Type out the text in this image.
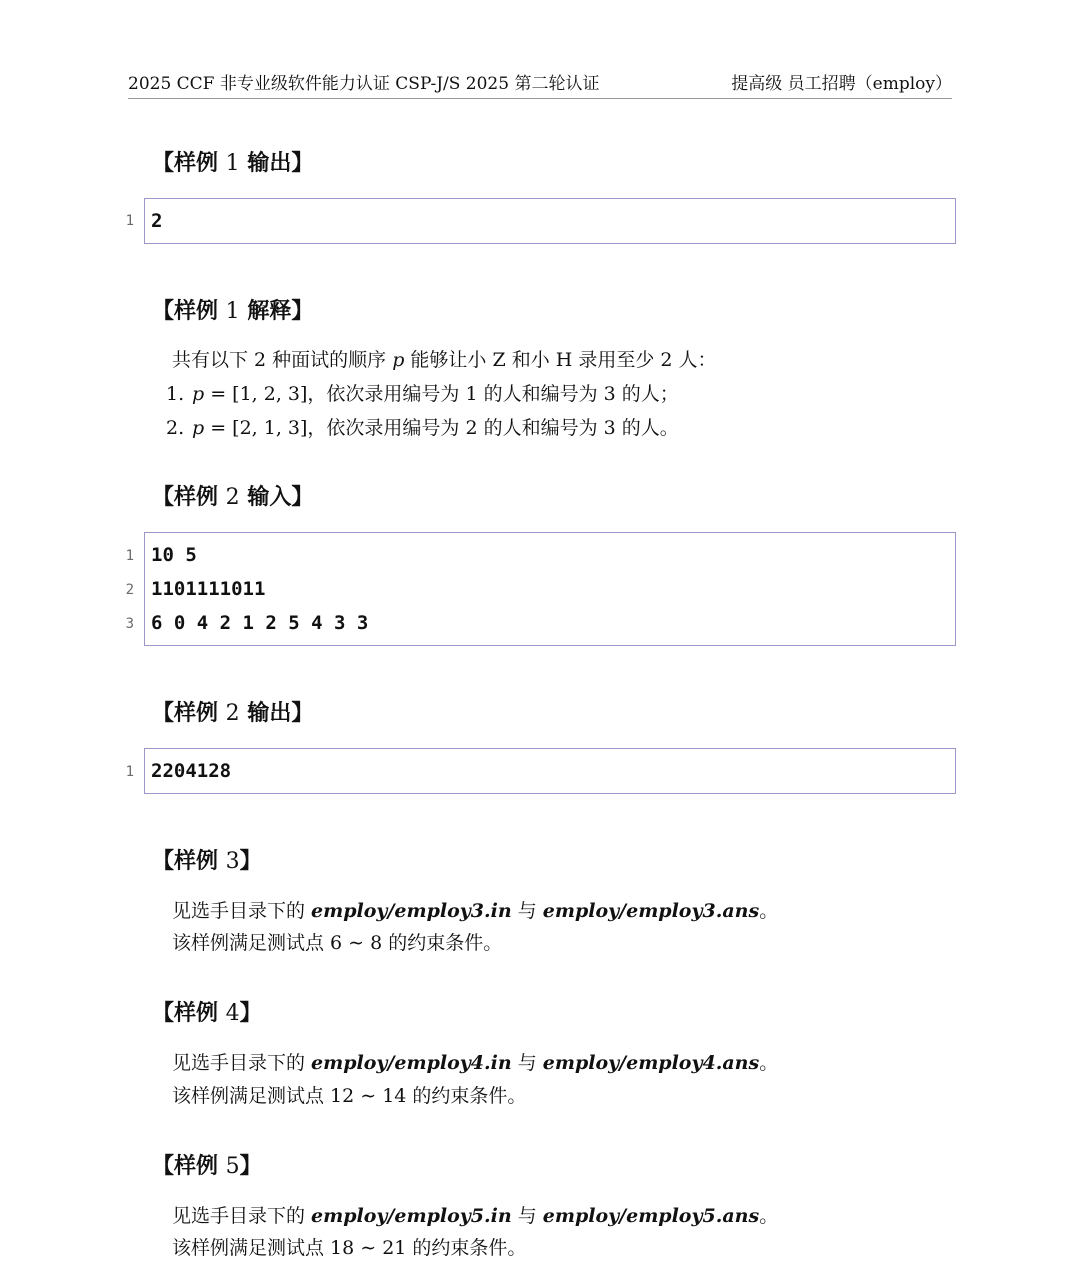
2025 CCF 非专业级软件能力认证 CSP-J/S 2025 第二轮认证	提高级 员工招聘（employ）
【样例 1 输出】
1 2
【样例 1 解释】
共有以下 2 种面试的顺序 p 能够让小 Z 和小 H 录用至少 2 人：
1. p = [1, 2, 3]，依次录用编号为 1 的人和编号为 3 的人；
2. p = [2, 1, 3]，依次录用编号为 2 的人和编号为 3 的人。
【样例 2 输入】
1
2
3
10 5
1101111011
6 0 4 2 1 2 5 4 3 3
【样例 2 输出】
1 2204128
【样例 3】
见选手目录下的 employ/employ3.in 与 employ/employ3.ans。
该样例满足测试点 6 ∼ 8 的约束条件。
【样例 4】
见选手目录下的 employ/employ4.in 与 employ/employ4.ans。
该样例满足测试点 12 ∼ 14 的约束条件。
【样例 5】
见选手目录下的 employ/employ5.in 与 employ/employ5.ans。
该样例满足测试点 18 ∼ 21 的约束条件。
